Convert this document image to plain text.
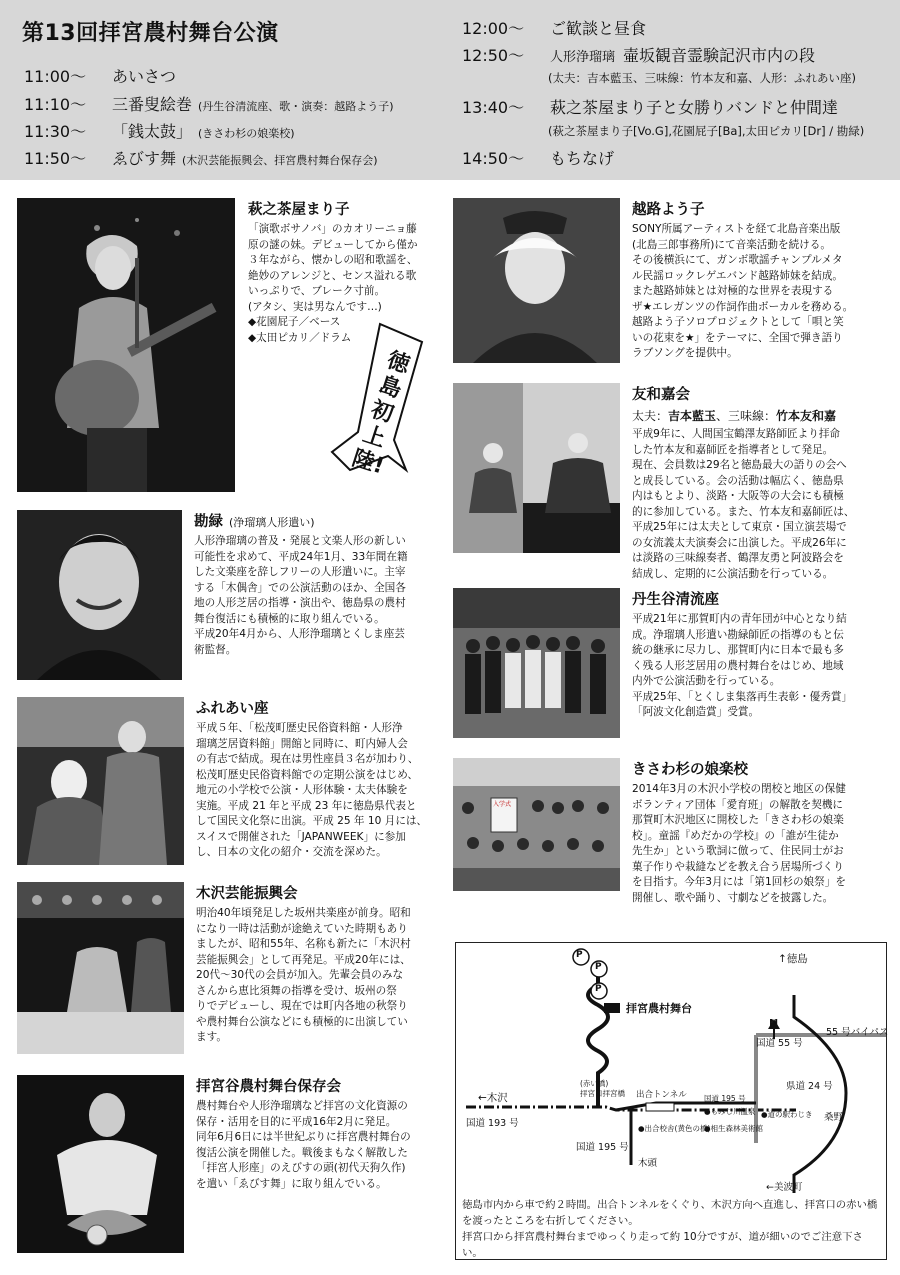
第13回拝宮農村舞台公演
11:00〜 あいさつ
11:10〜 三番叟絵巻 (丹生谷清流座、歌・演奏：越路よう子)
11:30〜 「銭太鼓」 (きさわ杉の娘楽校)
11:50〜 ゑびす舞 (木沢芸能振興会、拝宮農村舞台保存会)
12:00〜 ご歓談と昼食
12:50〜 人形浄瑠璃 壷坂観音霊験記沢市内の段
(太夫：吉本藍玉、三味線：竹本友和嘉、人形：ふれあい座)
13:40〜 萩之茶屋まり子と女勝りバンドと仲間達
(萩之茶屋まり子[Vo.G],花園屁子[Ba],太田ピカリ[Dr] / 勘緑)
14:50〜 もちなげ
萩之茶屋まり子

「演歌ボサノバ」のカオリーニョ藤
原の謎の妹。デビューしてから僅か
３年ながら、懐かしの昭和歌謡を、
絶妙のアレンジと、センス溢れる歌
いっぷりで、ブレーク寸前。
(アタシ、実は男なんです…)
◆花園屁子／ベース
◆太田ピカリ／ドラム

徳島初上陸!
勘緑 (浄瑠璃人形遣い)

人形浄瑠璃の普及・発展と文楽人形の新しい
可能性を求めて、平成24年1月、33年間在籍
した文楽座を辞しフリーの人形遣いに。主宰
する「木偶舎」での公演活動のほか、全国各
地の人形芝居の指導・演出や、徳島県の農村
舞台復活にも積極的に取り組んでいる。
平成20年4月から、人形浄瑠璃とくしま座芸
術監督。

ふれあい座

平成５年、「松茂町歴史民俗資料館・人形浄
瑠璃芝居資料館」開館と同時に、町内婦人会
の有志で結成。現在は男性座員３名が加わり、
松茂町歴史民俗資料館での定期公演をはじめ、
地元の小学校で公演・人形体験・太夫体験を
実施。平成 21 年と平成 23 年に徳島県代表と
して国民文化祭に出演。平成 25 年 10 月には、
スイスで開催された「JAPANWEEK」に参加
し、日本の文化の紹介・交流を深めた。

木沢芸能振興会

明治40年頃発足した坂州共楽座が前身。昭和
になり一時は活動が途絶えていた時期もあり
ましたが、昭和55年、名称も新たに「木沢村
芸能振興会」として再発足。平成20年には、
20代〜30代の会員が加入。先輩会員のみな
さんから恵比須舞の指導を受け、坂州の祭
りでデビューし、現在では町内各地の秋祭り
や農村舞台公演などにも積極的に出演してい
ます。

拝宮谷農村舞台保存会

農村舞台や人形浄瑠璃など拝宮の文化資源の
保存・活用を目的に平成16年2月に発足。
同年6月6日には半世紀ぶりに拝宮農村舞台の
復活公演を開催した。戦後まもなく解散した
「拝宮人形座」のえびすの頭(初代天狗久作)
を遣い「ゑびす舞」に取り組んでいる。

越路よう子

SONY所属アーティストを経て北島音楽出版
(北島三郎事務所)にて音楽活動を続ける。
その後横浜にて、ガンボ歌謡チャンプルメタ
ル民謡ロックレゲエバンド越路姉妹を結成。
また越路姉妹とは対極的な世界を表現する
ザ★エレガンツの作詞作曲ボーカルを務める。
越路よう子ソロプロジェクトとして「唄と笑
いの花束を★」をテーマに、全国で弾き語り
ラブソングを提供中。

友和嘉会
太夫：吉本藍玉、三味線：竹本友和嘉

平成9年に、人間国宝鶴澤友路師匠より拝命
した竹本友和嘉師匠を指導者として発足。
現在、会員数は29名と徳島最大の語りの会へ
と成長している。会の活動は幅広く、徳島県
内はもとより、淡路・大阪等の大会にも積極
的に参加している。また、竹本友和嘉師匠は、
平成25年には太夫として東京・国立演芸場で
の女流義太夫演奏会に出演した。平成26年に
は淡路の三味線奏者、鶴澤友勇と阿波路会を
結成し、定期的に公演活動を行っている。

丹生谷清流座

平成21年に那賀町内の青年団が中心となり結
成。浄瑠璃人形遣い勘緑師匠の指導のもと伝
統の継承に尽力し、那賀町内に日本で最も多
く残る人形芝居用の農村舞台をはじめ、地域
内外で公演活動を行っている。
平成25年、「とくしま集落再生表彰・優秀賞」
「阿波文化創造賞」受賞。

入学式
きさわ杉の娘楽校

2014年3月の木沢小学校の閉校と地区の保健
ボランティア団体「愛育班」の解散を契機に
那賀町木沢地区に開校した「きさわ杉の娘楽
校」。童謡『めだかの学校』の「誰が生徒か
先生か」という歌詞に倣って、住民同士がお
菓子作りや栽縫などを教え合う居場所づくり
を目指す。今年3月には「第1回杉の娘祭」を
開催し、歌や踊り、寸劇などを披露した。

P
P
P
↑徳島
N
拝宮農村舞台
国道 55 号
55 号バイパス
県道 24 号
←木沢
(赤い橋)
拝宮口拝宮橋 出合トンネル 国道 195 号
国道 193 号
国道 195 号
●もみじ川温泉 ●道の駅わじき 桑野
●出合校舎(黄色の橋)
●相生森林美術館
木頭
←美波町
徳島市内から車で約２時間。出合トンネルをくぐり、木沢方向へ直進し、拝宮口の赤い橋
を渡ったところを右折してください。
拝宮口から拝宮農村舞台までゆっくり走って約 10分ですが、道が細いのでご注意下さい。
